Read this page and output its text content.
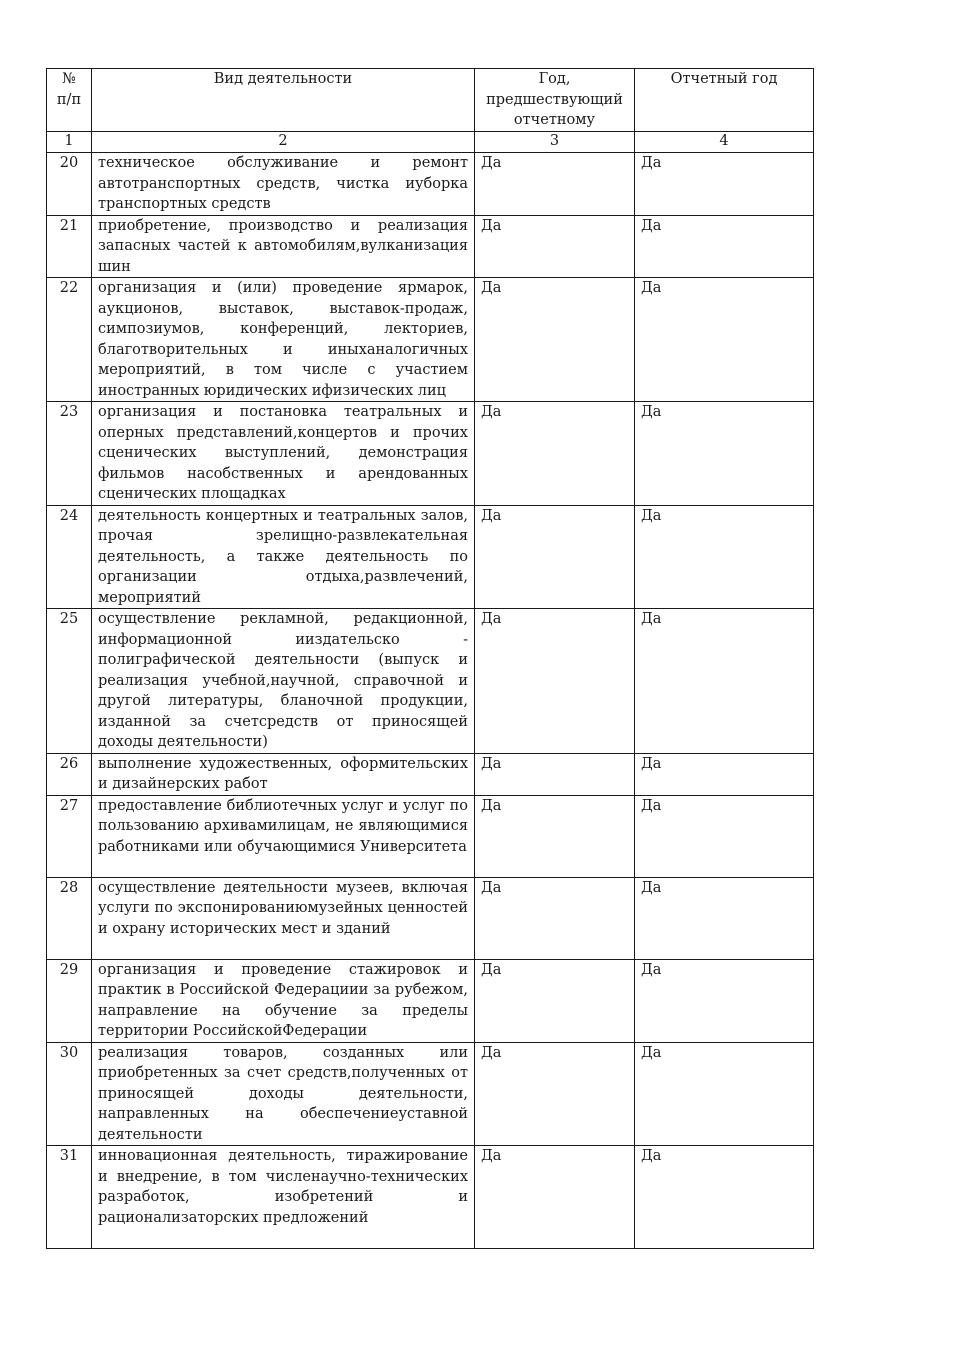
№ п/п	Вид деятельности	Год, предшествующий отчетному	Отчетный год
1	2	3	4
20	техническое обслуживание и ремонт автотранспортных средств, чистка иуборка транспортных средств	Да	Да
21	приобретение, производство и реализация запасных частей к автомобилям,вулканизация шин	Да	Да
22	организация и (или) проведение ярмарок, аукционов, выставок, выставок-продаж, симпозиумов, конференций, лекториев, благотворительных и иныханалогичных мероприятий, в том числе с участием иностранных юридических ифизических лиц	Да	Да
23	организация и постановка театральных и оперных представлений,концертов и прочих сценических выступлений, демонстрация фильмов насобственных и арендованных сценических площадках	Да	Да
24	деятельность концертных и театральных залов, прочая зрелищно-развлекательная деятельность, а также деятельность по организации отдыха,развлечений, мероприятий	Да	Да
25	осуществление рекламной, редакционной, информационной ииздательско - полиграфической деятельности (выпуск и реализация учебной,научной, справочной и другой литературы, бланочной продукции, изданной за счетсредств от приносящей доходы деятельности)	Да	Да
26	выполнение художественных, оформительских и дизайнерских работ	Да	Да
27	предоставление библиотечных услуг и услуг по пользованию архивамилицам, не являющимися работниками или обучающимися Университета	Да	Да
28	осуществление деятельности музеев, включая услуги по экспонированиюмузейных ценностей и охрану исторических мест и зданий	Да	Да
29	организация и проведение стажировок и практик в Российской Федерациии за рубежом, направление на обучение за пределы территории РоссийскойФедерации	Да	Да
30	реализация товаров, созданных или приобретенных за счет средств,полученных от приносящей доходы деятельности, направленных на обеспечениеуставной деятельности	Да	Да
31	инновационная деятельность, тиражирование и внедрение, в том численаучно-технических разработок, изобретений и рационализаторских предложений	Да	Да
